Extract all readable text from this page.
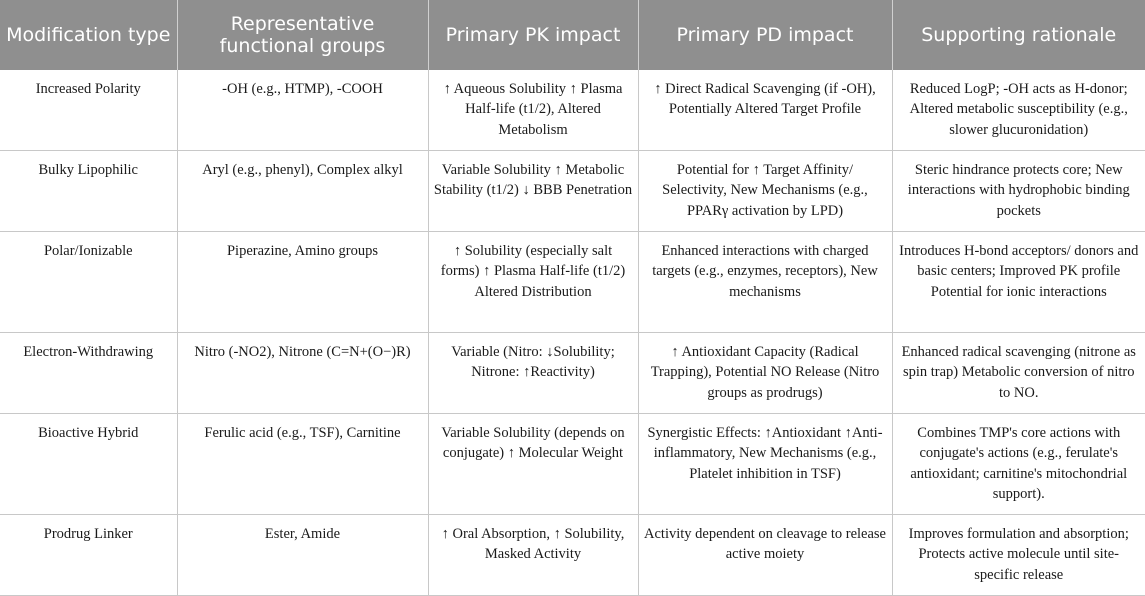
Modification type	Representative functional groups	Primary PK impact	Primary PD impact	Supporting rationale
Increased Polarity	-OH (e.g., HTMP), -COOH	↑ Aqueous Solubility ↑ Plasma Half-life (t1/2), Altered Metabolism	↑ Direct Radical Scavenging (if -OH), Potentially Altered Target Profile	Reduced LogP; -OH acts as H-donor; Altered metabolic susceptibility (e.g., slower glucuronidation)
Bulky Lipophilic	Aryl (e.g., phenyl), Complex alkyl	Variable Solubility ↑ Metabolic Stability (t1/2) ↓ BBB Penetration	Potential for ↑ Target Affinity/ Selectivity, New Mechanisms (e.g., PPARγ activation by LPD)	Steric hindrance protects core; New interactions with hydrophobic binding pockets
Polar/Ionizable	Piperazine, Amino groups	↑ Solubility (especially salt forms) ↑ Plasma Half-life (t1/2) Altered Distribution	Enhanced interactions with charged targets (e.g., enzymes, receptors), New mechanisms	Introduces H-bond acceptors/ donors and basic centers; Improved PK profile Potential for ionic interactions
Electron-Withdrawing	Nitro (-NO2), Nitrone (C=N+(O−)R)	Variable (Nitro: ↓Solubility; Nitrone: ↑Reactivity)	↑ Antioxidant Capacity (Radical Trapping), Potential NO Release (Nitro groups as prodrugs)	Enhanced radical scavenging (nitrone as spin trap) Metabolic conversion of nitro to NO.
Bioactive Hybrid	Ferulic acid (e.g., TSF), Carnitine	Variable Solubility (depends on conjugate) ↑ Molecular Weight	Synergistic Effects: ↑Antioxidant ↑Anti-inflammatory, New Mechanisms (e.g., Platelet inhibition in TSF)	Combines TMP's core actions with conjugate's actions (e.g., ferulate's antioxidant; carnitine's mitochondrial support).
Prodrug Linker	Ester, Amide	↑ Oral Absorption, ↑ Solubility, Masked Activity	Activity dependent on cleavage to release active moiety	Improves formulation and absorption; Protects active molecule until site-specific release
